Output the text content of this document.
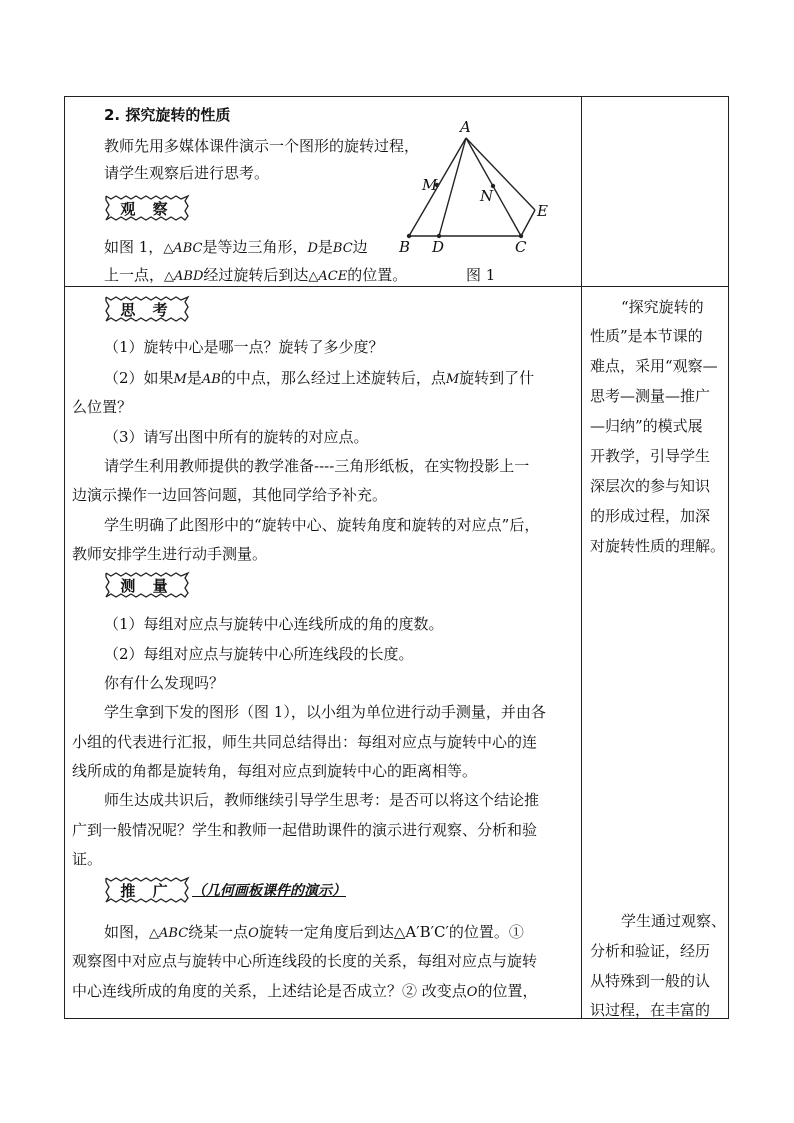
2. 探究旋转的性质
教师先用多媒体课件演示一个图形的旋转过程，
请学生观察后进行思考。
观 察
如图 1，△ABC是等边三角形，D是BC边
上一点，△ABD经过旋转后到达△ACE的位置。	图 1
A
B D	C
E
M
N
思 考
（1）旋转中心是哪一点？旋转了多少度？
（2）如果M是AB的中点，那么经过上述旋转后，点M旋转到了什
么位置？
（3）请写出图中所有的旋转的对应点。
请学生利用教师提供的教学准备----三角形纸板，在实物投影上一
边演示操作一边回答问题，其他同学给予补充。
学生明确了此图形中的“旋转中心、旋转角度和旋转的对应点”后，
教师安排学生进行动手测量。
测 量
（1）每组对应点与旋转中心连线所成的角的度数。
（2）每组对应点与旋转中心所连线段的长度。
你有什么发现吗？
学生拿到下发的图形（图 1），以小组为单位进行动手测量，并由各
小组的代表进行汇报，师生共同总结得出：每组对应点与旋转中心的连
线所成的角都是旋转角，每组对应点到旋转中心的距离相等。
师生达成共识后，教师继续引导学生思考：是否可以将这个结论推
广到一般情况呢？学生和教师一起借助课件的演示进行观察、分析和验
证。
推 广 （几何画板课件的演示）
如图，△ABC绕某一点O旋转一定角度后到达△A′B′C′的位置。①
观察图中对应点与旋转中心所连线段的长度的关系，每组对应点与旋转
中心连线所成的角度的关系，上述结论是否成立？② 改变点O的位置，
“探究旋转的
性质”是本节课的
难点，采用“观察—
思考—测量—推广
—归纳”的模式展
开教学，引导学生
深层次的参与知识
的形成过程，加深
对旋转性质的理解。
学生通过观察、
分析和验证，经历
从特殊到一般的认
识过程，在丰富的
